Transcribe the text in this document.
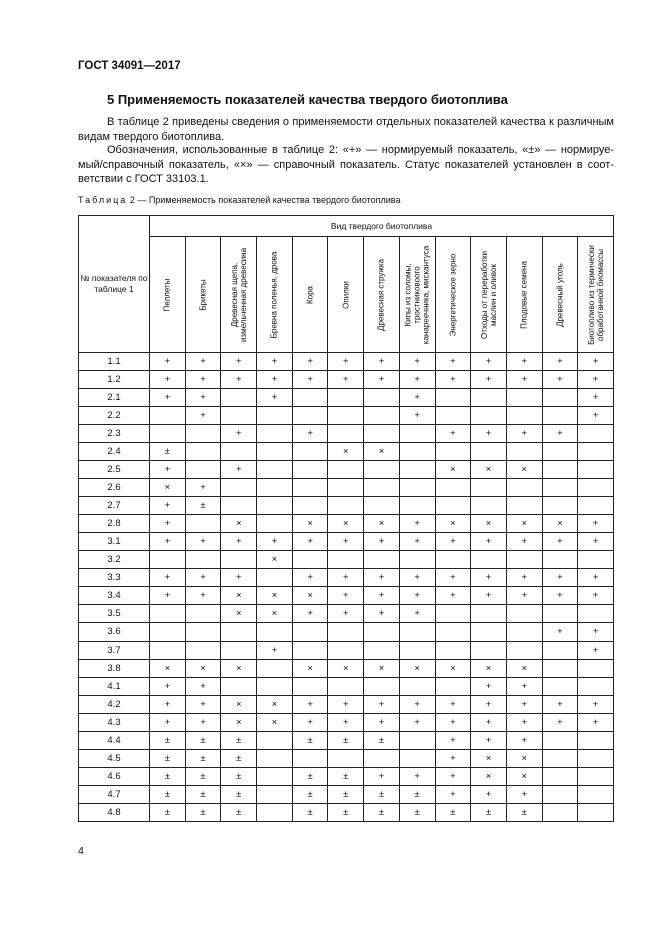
ГОСТ 34091—2017
5 Применяемость показателей качества твердого биотоплива

В таблице 2 приведены сведения о применяемости отдельных показателей качества к различным видам твердого биотоплива.

Обозначения, использованные в таблице 2: «+» — нормируемый показатель, «±» — нормируе-мый/справочный показатель, «×» — справочный показатель. Статус показателей установлен в соот-ветствии с ГОСТ 33103.1.

Таблица 2 — Применяемость показателей качества твердого биотоплива
№ показателя по таблице 1	Вид твердого биотоплива												

	Пеллеты	Брикеты	Древесная щепа, измельченная древесина	Бревна поленья, дрова	Кора	Опилки	Древесная стружка	Кипы из соломы, тростниковоого канареечника, мискантуса	Энергетическое зерно	Отходы от переработки маслин и оливок	Плодовые семена	Древесный уголь	Биотопливо из термически обработанной биомассы

1.1	+	+	+	+	+	+	+	+	+	+	+	+	+
1.2	+	+	+	+	+	+	+	+	+	+	+	+	+
2.1	+	+		+				+					+
2.2		+						+					+
2.3			+		+				+	+	+	+	
2.4	±					×	×						
2.5	+		+						×	×	×		
2.6	×	+											
2.7	+	±											
2.8	+		×		×	×	×	+	×	×	×	×	+
3.1	+	+	+	+	+	+	+	+	+	+	+	+	+
3.2				×									
3.3	+	+	+		+	+	+	+	+	+	+	+	+
3.4	+	+	×	×	×	+	+	+	+	+	+	+	+
3.5			×	×	+	+	+	+					
3.6												+	+
3.7				+									+
3.8	×	×	×		×	×	×	×	×	×	×		
4.1	+	+								+	+		
4.2	+	+	×	×	+	+	+	+	+	+	+	+	+
4.3	+	+	×	×	+	+	+	+	+	+	+	+	+
4.4	±	±	±		±	±	±		+	+	+		
4.5	±	±	±						+	×	×		
4.6	±	±	±		±	±	+	+	+	×	×		
4.7	±	±	±		±	±	±	±	+	+	+		
4.8	±	±	±		±	±	±	±	±	±	±		
4
